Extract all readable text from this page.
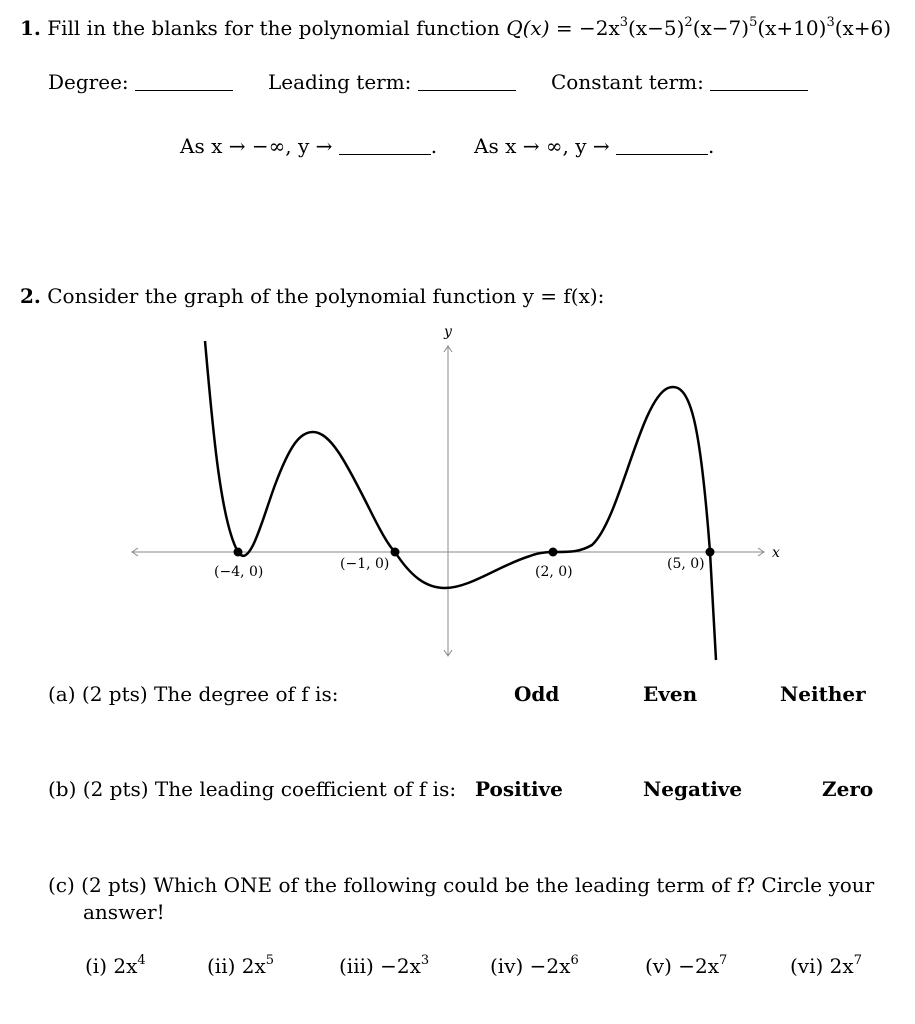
1. Fill in the blanks for the polynomial function $Q(x) = -2x^3(x-5)^2(x-7)^5(x+10)^3(x+6)$
Degree:	Leading term:	Constant term:
As x → −∞, y →	. As x → ∞, y →	.
2. Consider the graph of the polynomial function y = f(x):
x
y
(−4, 0)	(−1, 0)	(2, 0)	(5, 0)
(a) (2 pts) The degree of f is:	Odd	Even	Neither
(b) (2 pts) The leading coefficient of f is: Positive	Negative	Zero
(c) (2 pts) Which ONE of the following could be the leading term of f? Circle your
answer!
(i) $2x^4$	(ii) $2x^5$	$(iii) -2x^3$	$(iv) -2x^6$	$(v) -2x^7$	(vi) $2x^7$
